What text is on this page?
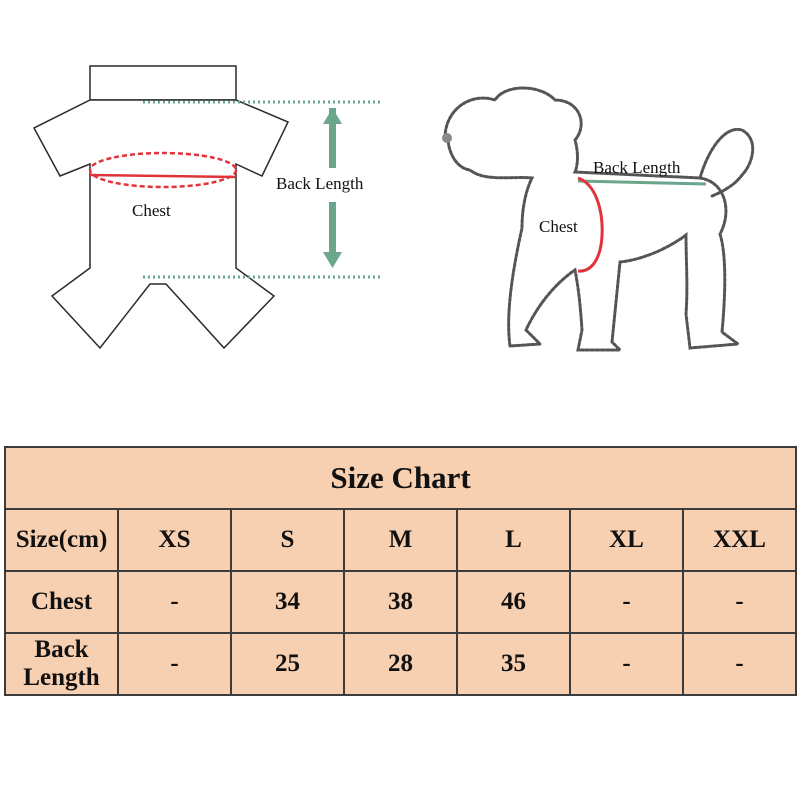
Chest
Back Length
Back Length
Chest
Size Chart						
Size(cm)	XS	S	M	L	XL	XXL
Chest	-	34	38	46	-	-
Back Length	-	25	28	35	-	-
